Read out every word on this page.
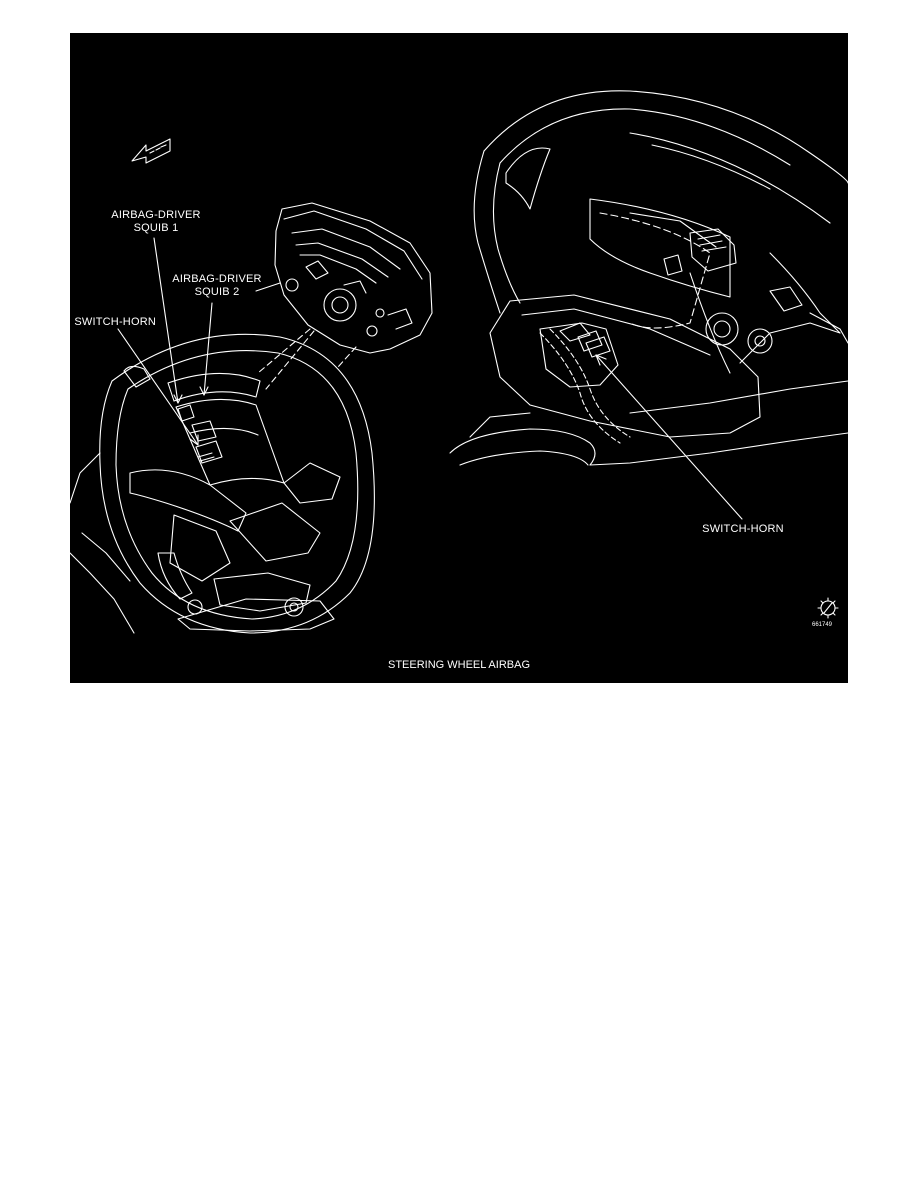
AIRBAG-DRIVER
SQUIB 1
AIRBAG-DRIVER
SQUIB 2
SWITCH-HORN
SWITCH-HORN
661749
STEERING WHEEL AIRBAG
